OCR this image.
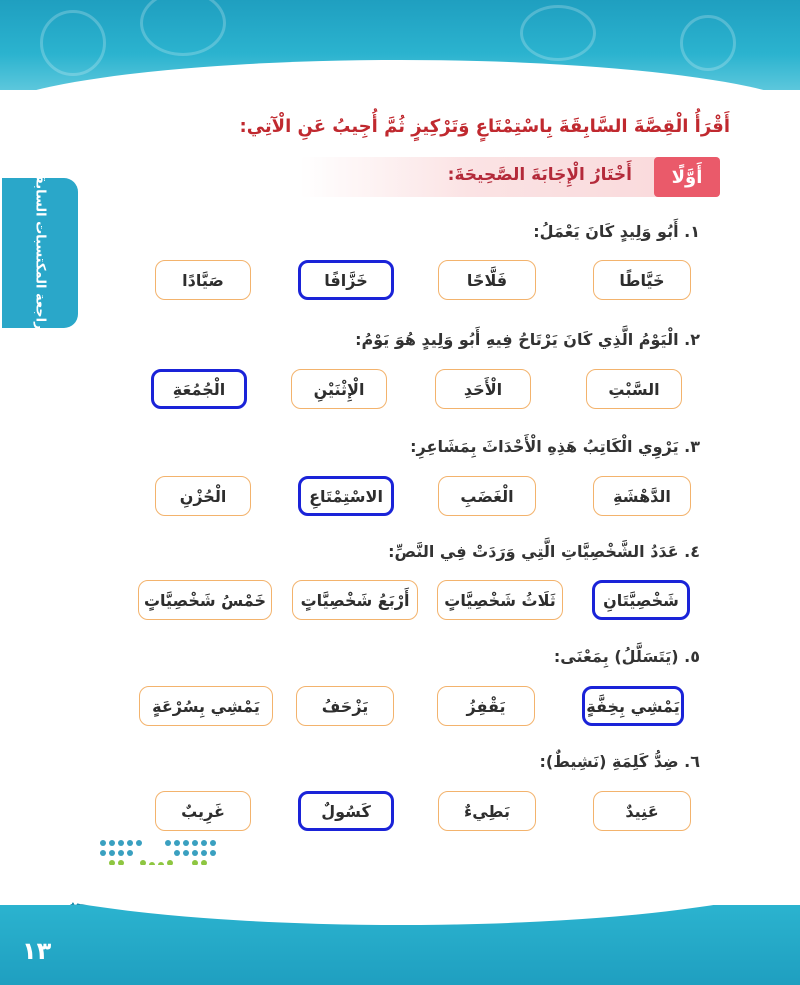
مراجعة المكتسبات السابقة
أَقْرَأُ الْقِصَّةَ السَّابِقَةَ بِاسْتِمْتَاعٍ وَتَرْكِيزٍ ثُمَّ أُجِيبُ عَنِ الْآتِي:
أَوَّلًا
أَخْتَارُ الْإِجَابَةَ الصَّحِيحَةَ:
١. أَبُو وَلِيدٍ كَانَ يَعْمَلُ:
خَيَّاطًا
فَلَّاحًا
خَزَّافًا
صَيَّادًا
٢. الْيَوْمُ الَّذِي كَانَ يَرْتَاحُ فِيهِ أَبُو وَلِيدٍ هُوَ يَوْمُ:
السَّبْتِ
الْأَحَدِ
الْإِثْنَيْنِ
الْجُمُعَةِ
٣. يَرْوِي الْكَاتِبُ هَذِهِ الْأَحْدَاثَ بِمَشَاعِرِ:
الدَّهْشَةِ
الْغَضَبِ
الاسْتِمْتَاعِ
الْحُزْنِ
٤. عَدَدُ الشَّخْصِيَّاتِ الَّتِي وَرَدَتْ فِي النَّصِّ:
شَخْصِيَّتَانِ
ثَلَاثُ شَخْصِيَّاتٍ
أَرْبَعُ شَخْصِيَّاتٍ
خَمْسُ شَخْصِيَّاتٍ
٥. (يَتَسَلَّلُ) بِمَعْنَى:
يَمْشِي بِخِفَّةٍ
يَقْفِزُ
يَزْحَفُ
يَمْشِي بِسُرْعَةٍ
٦. ضِدُّ كَلِمَةِ (نَشِيطٌ):
عَنِيدٌ
بَطِيءٌ
كَسُولٌ
غَرِيبٌ
١٣
